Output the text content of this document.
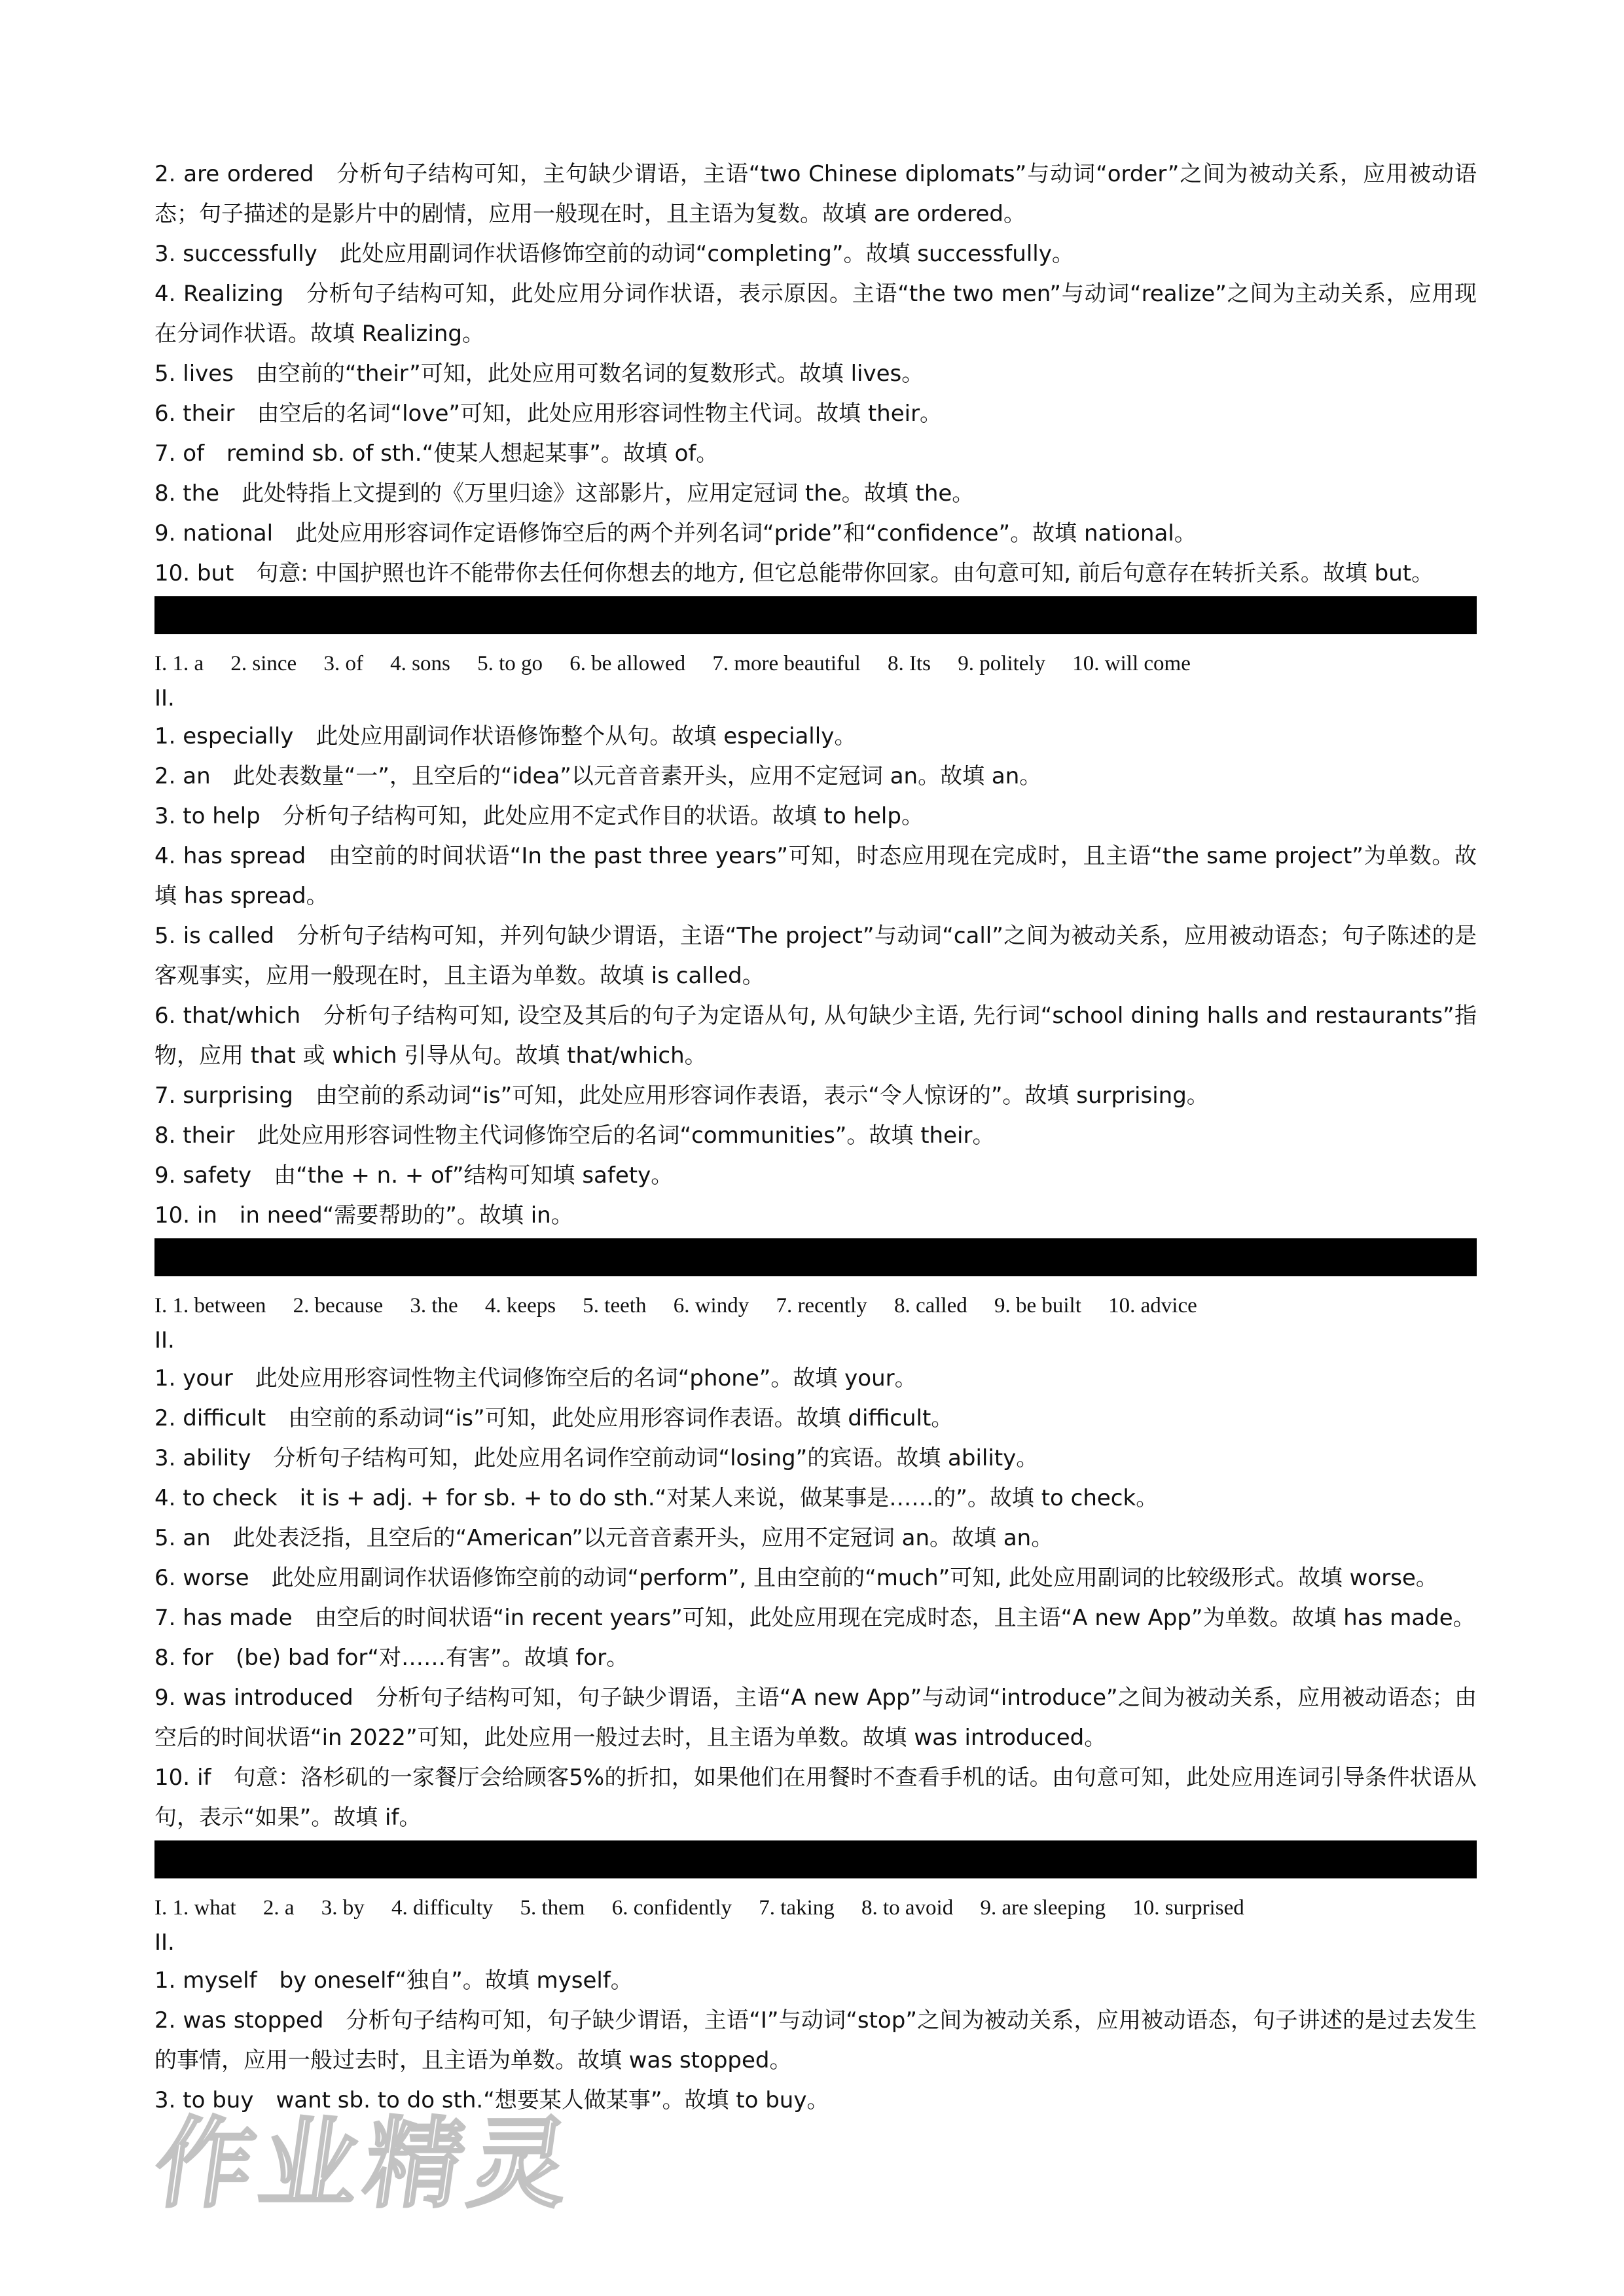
2. are ordered 分析句子结构可知，主句缺少谓语，主语“two Chinese diplomats”与动词“order”之间为被动关系，应用被动语态；句子描述的是影片中的剧情，应用一般现在时，且主语为复数。故填 are ordered。

3. successfully 此处应用副词作状语修饰空前的动词“completing”。故填 successfully。

4. Realizing 分析句子结构可知，此处应用分词作状语，表示原因。主语“the two men”与动词“realize”之间为主动关系，应用现在分词作状语。故填 Realizing。

5. lives 由空前的“their”可知，此处应用可数名词的复数形式。故填 lives。

6. their 由空后的名词“love”可知，此处应用形容词性物主代词。故填 their。

7. of remind sb. of sth.“使某人想起某事”。故填 of。

8. the 此处特指上文提到的《万里归途》这部影片，应用定冠词 the。故填 the。

9. national 此处应用形容词作定语修饰空后的两个并列名词“pride”和“confidence”。故填 national。

10. but 句意: 中国护照也许不能带你去任何你想去的地方, 但它总能带你回家。由句意可知, 前后句意存在转折关系。故填 but。

I. 1. a     2. since     3. of     4. sons     5. to go     6. be allowed     7. more beautiful     8. Its     9. politely     10. will come

II.

1. especially 此处应用副词作状语修饰整个从句。故填 especially。

2. an 此处表数量“一”，且空后的“idea”以元音音素开头，应用不定冠词 an。故填 an。

3. to help 分析句子结构可知，此处应用不定式作目的状语。故填 to help。

4. has spread 由空前的时间状语“In the past three years”可知，时态应用现在完成时，且主语“the same project”为单数。故填 has spread。

5. is called 分析句子结构可知，并列句缺少谓语，主语“The project”与动词“call”之间为被动关系，应用被动语态；句子陈述的是客观事实，应用一般现在时，且主语为单数。故填 is called。

6. that/which 分析句子结构可知, 设空及其后的句子为定语从句, 从句缺少主语, 先行词“school dining halls and restaurants”指物，应用 that 或 which 引导从句。故填 that/which。

7. surprising 由空前的系动词“is”可知，此处应用形容词作表语，表示“令人惊讶的”。故填 surprising。

8. their 此处应用形容词性物主代词修饰空后的名词“communities”。故填 their。

9. safety 由“the + n. + of”结构可知填 safety。

10. in in need“需要帮助的”。故填 in。

I. 1. between     2. because     3. the     4. keeps     5. teeth     6. windy     7. recently     8. called     9. be built     10. advice

II.

1. your 此处应用形容词性物主代词修饰空后的名词“phone”。故填 your。

2. difficult 由空前的系动词“is”可知，此处应用形容词作表语。故填 difficult。

3. ability 分析句子结构可知，此处应用名词作空前动词“losing”的宾语。故填 ability。

4. to check it is + adj. + for sb. + to do sth.“对某人来说，做某事是……的”。故填 to check。

5. an 此处表泛指，且空后的“American”以元音音素开头，应用不定冠词 an。故填 an。

6. worse 此处应用副词作状语修饰空前的动词“perform”, 且由空前的“much”可知, 此处应用副词的比较级形式。故填 worse。

7. has made 由空后的时间状语“in recent years”可知，此处应用现在完成时态，且主语“A new App”为单数。故填 has made。

8. for (be) bad for“对……有害”。故填 for。

9. was introduced 分析句子结构可知，句子缺少谓语，主语“A new App”与动词“introduce”之间为被动关系，应用被动语态；由空后的时间状语“in 2022”可知，此处应用一般过去时，且主语为单数。故填 was introduced。

10. if 句意：洛杉矶的一家餐厅会给顾客5%的折扣，如果他们在用餐时不查看手机的话。由句意可知，此处应用连词引导条件状语从句，表示“如果”。故填 if。

I. 1. what     2. a     3. by     4. difficulty     5. them     6. confidently     7. taking     8. to avoid     9. are sleeping     10. surprised

II.

1. myself by oneself“独自”。故填 myself。

2. was stopped 分析句子结构可知，句子缺少谓语，主语“I”与动词“stop”之间为被动关系，应用被动语态，句子讲述的是过去发生的事情，应用一般过去时，且主语为单数。故填 was stopped。

3. to buy want sb. to do sth.“想要某人做某事”。故填 to buy。

作业精灵
